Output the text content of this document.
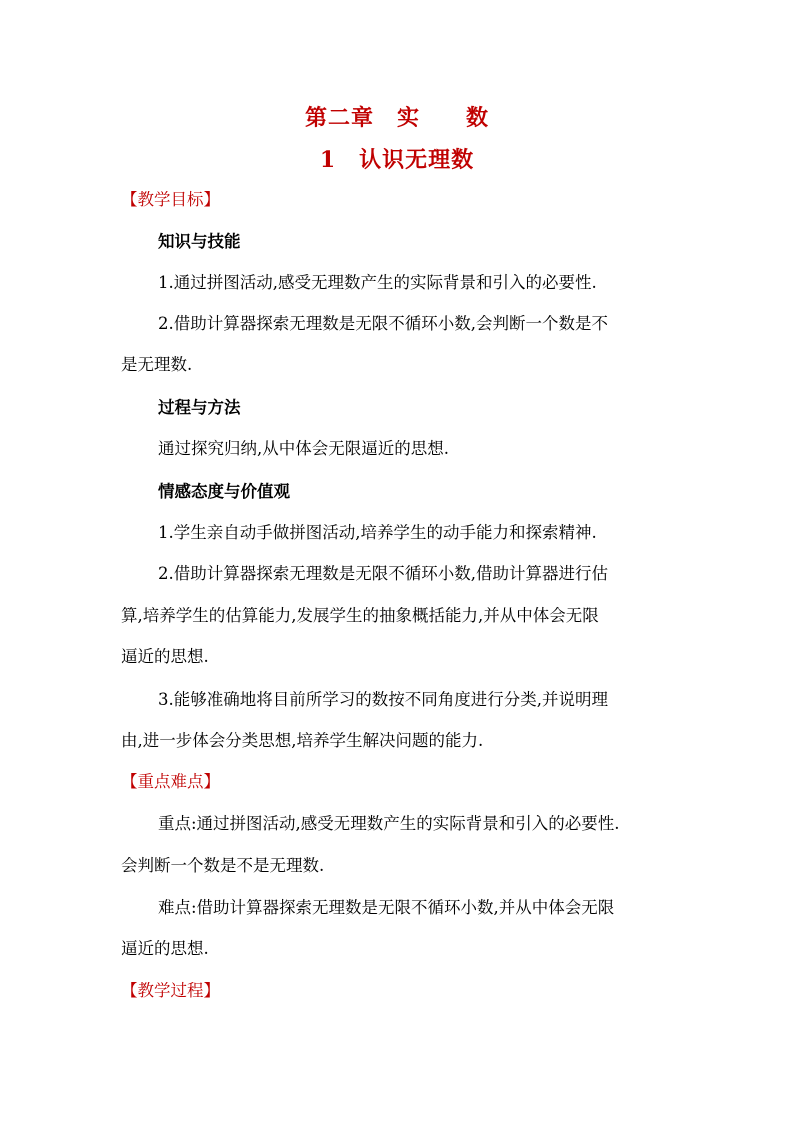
第二章　实　　数
1　认识无理数
【教学目标】
知识与技能
1.通过拼图活动,感受无理数产生的实际背景和引入的必要性.
2.借助计算器探索无理数是无限不循环小数,会判断一个数是不
是无理数.
过程与方法
通过探究归纳,从中体会无限逼近的思想.
情感态度与价值观
1.学生亲自动手做拼图活动,培养学生的动手能力和探索精神.
2.借助计算器探索无理数是无限不循环小数,借助计算器进行估
算,培养学生的估算能力,发展学生的抽象概括能力,并从中体会无限
逼近的思想.
3.能够准确地将目前所学习的数按不同角度进行分类,并说明理
由,进一步体会分类思想,培养学生解决问题的能力.
【重点难点】
重点:通过拼图活动,感受无理数产生的实际背景和引入的必要性.
会判断一个数是不是无理数.
难点:借助计算器探索无理数是无限不循环小数,并从中体会无限
逼近的思想.
【教学过程】
